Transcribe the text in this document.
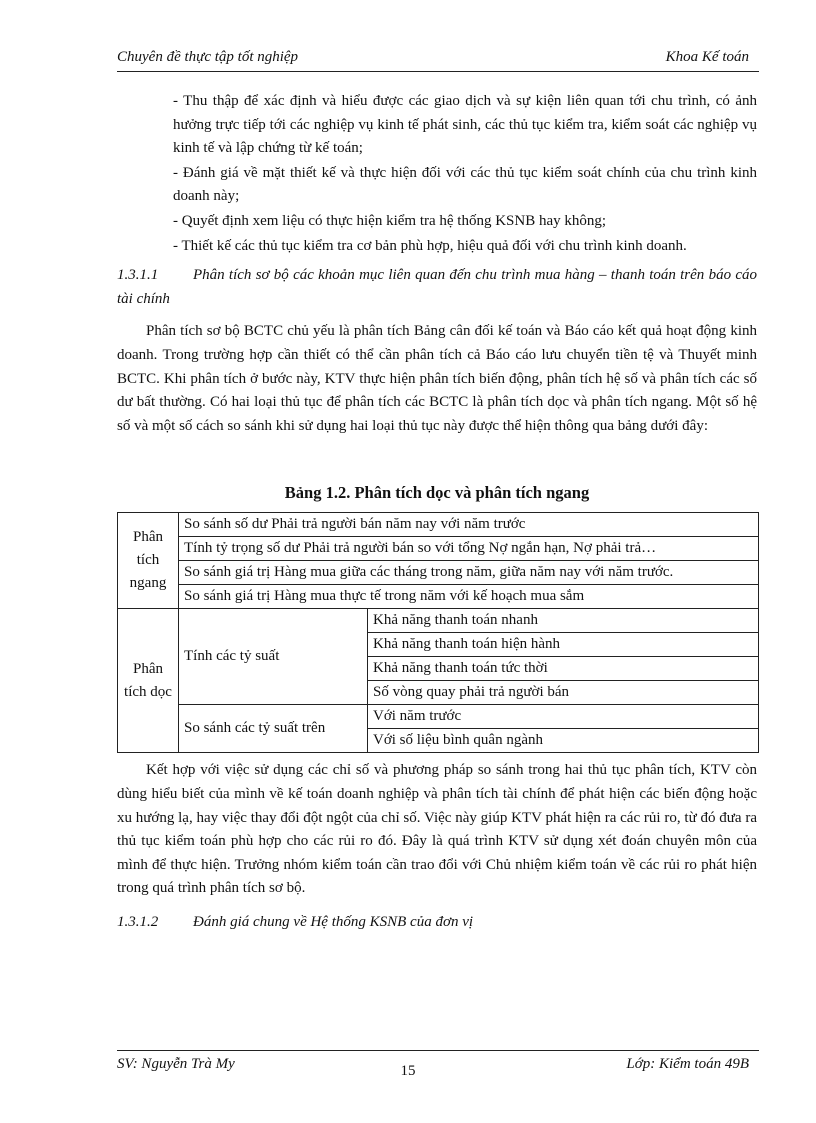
Chuyên đề thực tập tốt nghiệp	Khoa Kế toán

- Thu thập để xác định và hiểu được các giao dịch và sự kiện liên quan tới chu trình, có ảnh hưởng trực tiếp tới các nghiệp vụ kinh tế phát sinh, các thủ tục kiểm tra, kiểm soát các nghiệp vụ kinh tế và lập chứng từ kế toán;

- Đánh giá về mặt thiết kế và thực hiện đối với các thủ tục kiểm soát chính của chu trình kinh doanh này;

- Quyết định xem liệu có thực hiện kiểm tra hệ thống KSNB hay không;

- Thiết kế các thủ tục kiểm tra cơ bản phù hợp, hiệu quả đối với chu trình kinh doanh.

1.3.1.1 Phân tích sơ bộ các khoản mục liên quan đến chu trình mua hàng – thanh toán trên báo cáo tài chính

Phân tích sơ bộ BCTC chủ yếu là phân tích Bảng cân đối kế toán và Báo cáo kết quả hoạt động kinh doanh. Trong trường hợp cần thiết có thể cần phân tích cả Báo cáo lưu chuyển tiền tệ và Thuyết minh BCTC. Khi phân tích ở bước này, KTV thực hiện phân tích biến động, phân tích hệ số và phân tích các số dư bất thường. Có hai loại thủ tục để phân tích các BCTC là phân tích dọc và phân tích ngang. Một số hệ số và một số cách so sánh khi sử dụng hai loại thủ tục này được thể hiện thông qua bảng dưới đây:

Bảng 1.2. Phân tích dọc và phân tích ngang
Phân tích ngang	So sánh số dư Phải trả người bán năm nay với năm trước	
	Tính tỷ trọng số dư Phải trả người bán so với tổng Nợ ngắn hạn, Nợ phải trả…	
	So sánh giá trị Hàng mua giữa các tháng trong năm, giữa năm nay với năm trước.	
	So sánh giá trị Hàng mua thực tế trong năm với kế hoạch mua sắm	
Phân tích dọc	Tính các tỷ suất	Khả năng thanh toán nhanh
		Khả năng thanh toán hiện hành
		Khả năng thanh toán tức thời
		Số vòng quay phải trả người bán
	So sánh các tỷ suất trên	Với năm trước
		Với số liệu bình quân ngành

Kết hợp với việc sử dụng các chỉ số và phương pháp so sánh trong hai thủ tục phân tích, KTV còn dùng hiểu biết của mình về kế toán doanh nghiệp và phân tích tài chính để phát hiện các biến động hoặc xu hướng lạ, hay việc thay đổi đột ngột của chỉ số. Việc này giúp KTV phát hiện ra các rủi ro, từ đó đưa ra thủ tục kiểm toán phù hợp cho các rủi ro đó. Đây là quá trình KTV sử dụng xét đoán chuyên môn của mình để thực hiện. Trưởng nhóm kiểm toán cần trao đổi với Chủ nhiệm kiểm toán về các rủi ro phát hiện trong quá trình phân tích sơ bộ.

1.3.1.2 Đánh giá chung về Hệ thống KSNB của đơn vị
SV: Nguyễn Trà My	Lớp: Kiểm toán 49B
15
